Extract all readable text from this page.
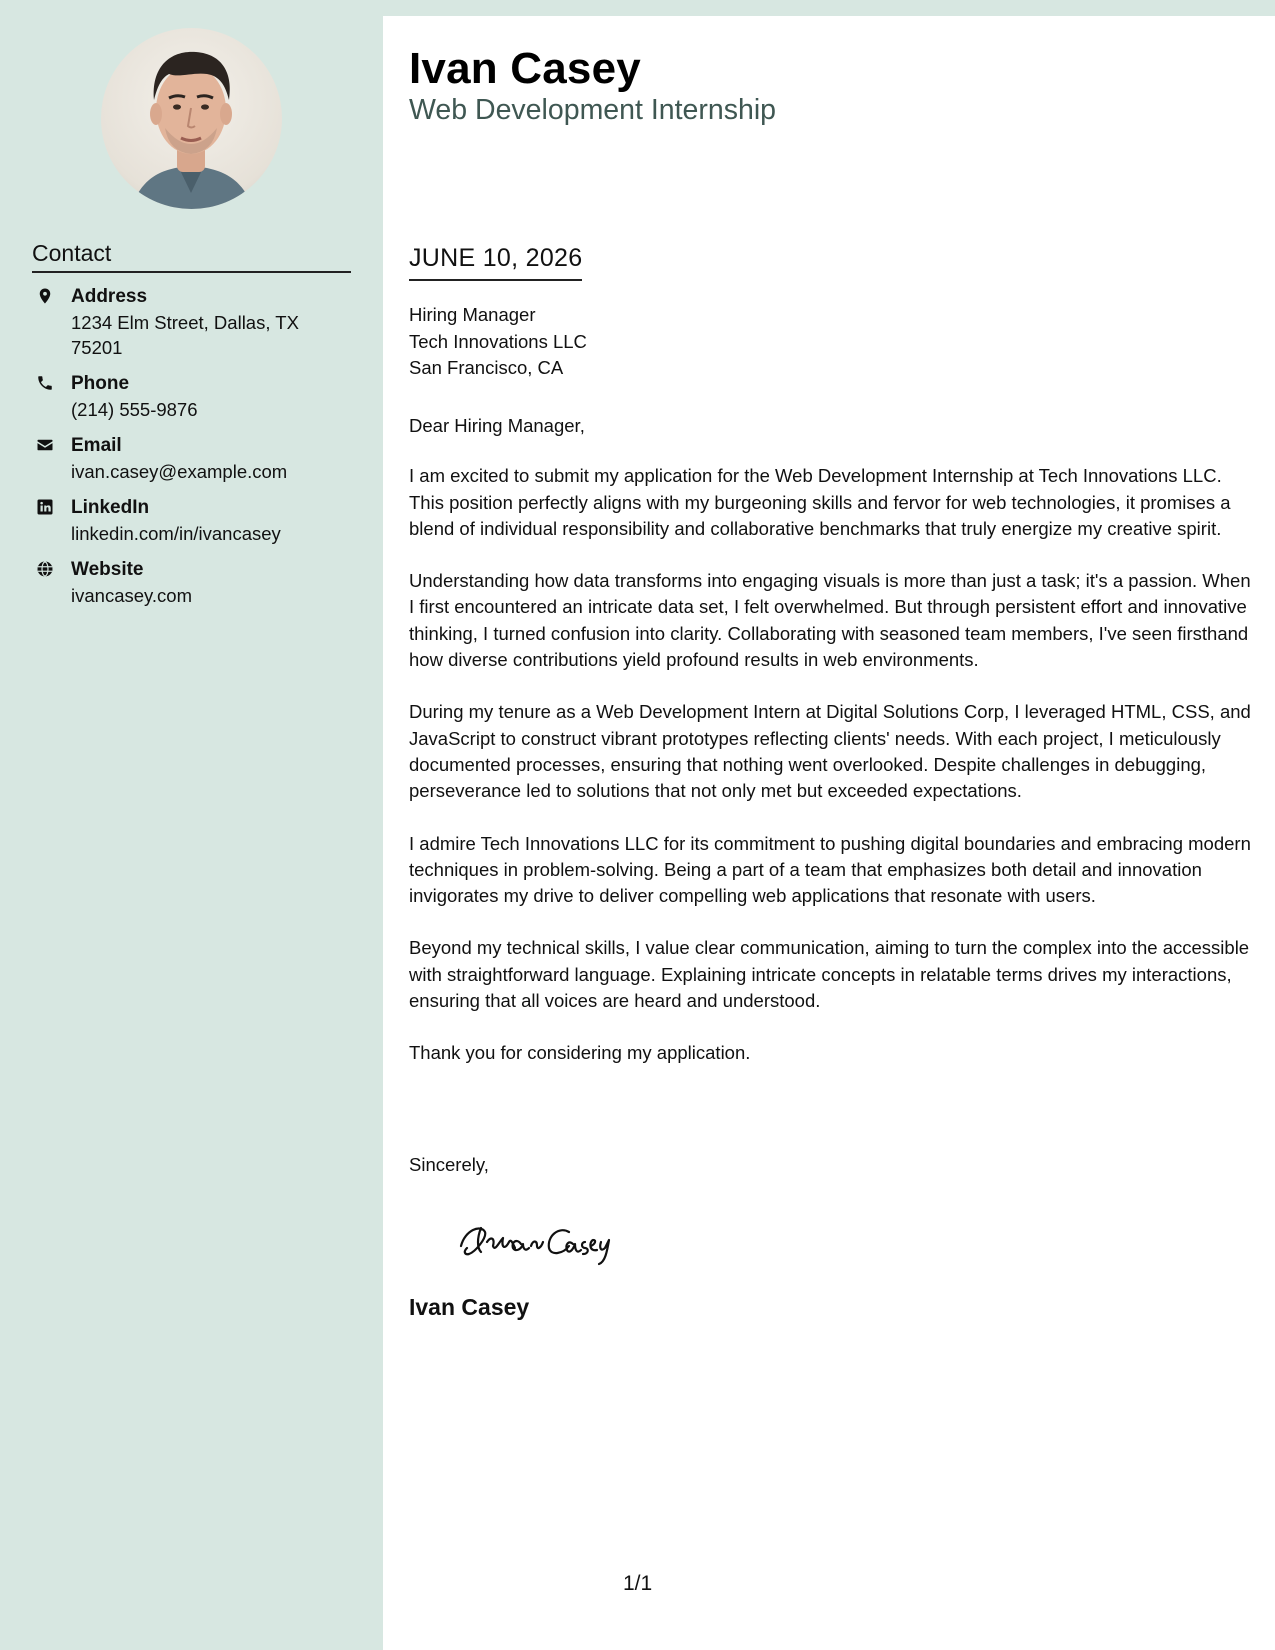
Contact
Address
1234 Elm Street, Dallas, TX 75201
Phone
(214) 555-9876
Email
ivan.casey@example.com
LinkedIn
linkedin.com/in/ivancasey
Website
ivancasey.com
Ivan Casey
Web Development Internship
JUNE 10, 2026
Hiring Manager
Tech Innovations LLC
San Francisco, CA

Dear Hiring Manager,

I am excited to submit my application for the Web Development Internship at Tech Innovations LLC. This position perfectly aligns with my burgeoning skills and fervor for web technologies, it promises a blend of individual responsibility and collaborative benchmarks that truly energize my creative spirit.

Understanding how data transforms into engaging visuals is more than just a task; it's a passion. When I first encountered an intricate data set, I felt overwhelmed. But through persistent effort and innovative thinking, I turned confusion into clarity. Collaborating with seasoned team members, I've seen firsthand how diverse contributions yield profound results in web environments.

During my tenure as a Web Development Intern at Digital Solutions Corp, I leveraged HTML, CSS, and JavaScript to construct vibrant prototypes reflecting clients' needs. With each project, I meticulously documented processes, ensuring that nothing went overlooked. Despite challenges in debugging, perseverance led to solutions that not only met but exceeded expectations.

I admire Tech Innovations LLC for its commitment to pushing digital boundaries and embracing modern techniques in problem-solving. Being a part of a team that emphasizes both detail and innovation invigorates my drive to deliver compelling web applications that resonate with users.

Beyond my technical skills, I value clear communication, aiming to turn the complex into the accessible with straightforward language. Explaining intricate concepts in relatable terms drives my interactions, ensuring that all voices are heard and understood.

Thank you for considering my application.

Sincerely,
Ivan Casey
1/1
